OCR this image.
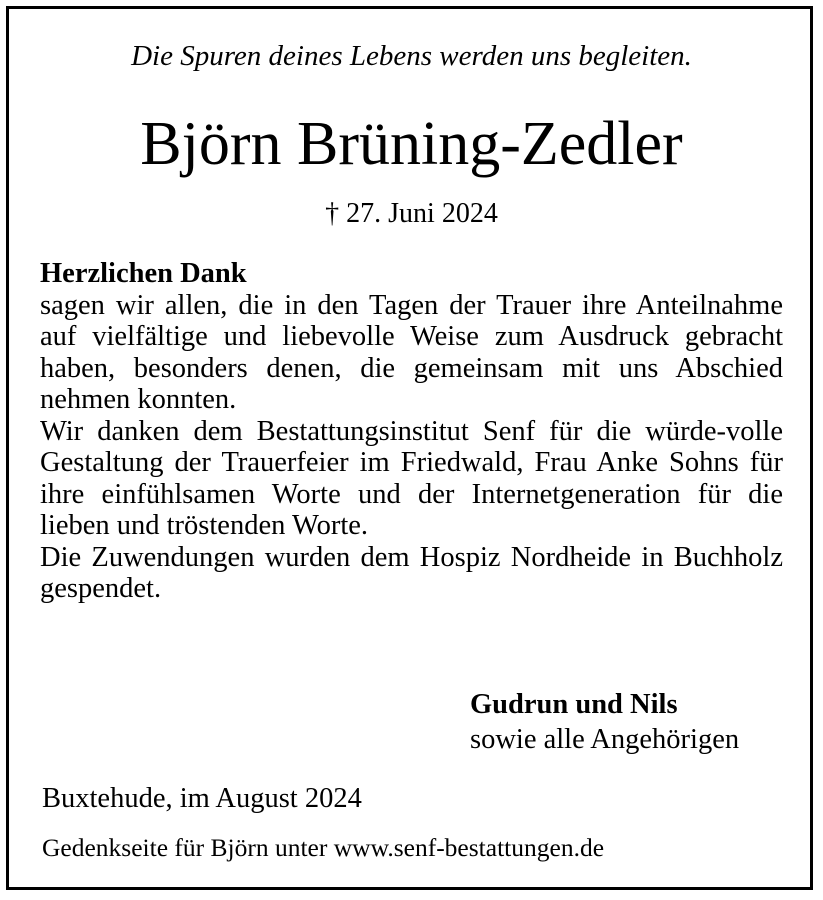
Die Spuren deines Lebens werden uns begleiten.
Björn Brüning-Zedler
† 27. Juni 2024
Herzlichen Dank
sagen wir allen, die in den Tagen der Trauer ihre Anteilnahme auf vielfältige und liebevolle Weise zum Ausdruck gebracht haben, besonders denen, die gemeinsam mit uns Abschied nehmen konnten.
Wir danken dem Bestattungsinstitut Senf für die würde-volle Gestaltung der Trauerfeier im Friedwald, Frau Anke Sohns für ihre einfühlsamen Worte und der Internetgeneration für die lieben und tröstenden Worte.
Die Zuwendungen wurden dem Hospiz Nordheide in Buchholz gespendet.
Gudrun und Nils
sowie alle Angehörigen
Buxtehude, im August 2024
Gedenkseite für Björn unter www.senf-bestattungen.de
